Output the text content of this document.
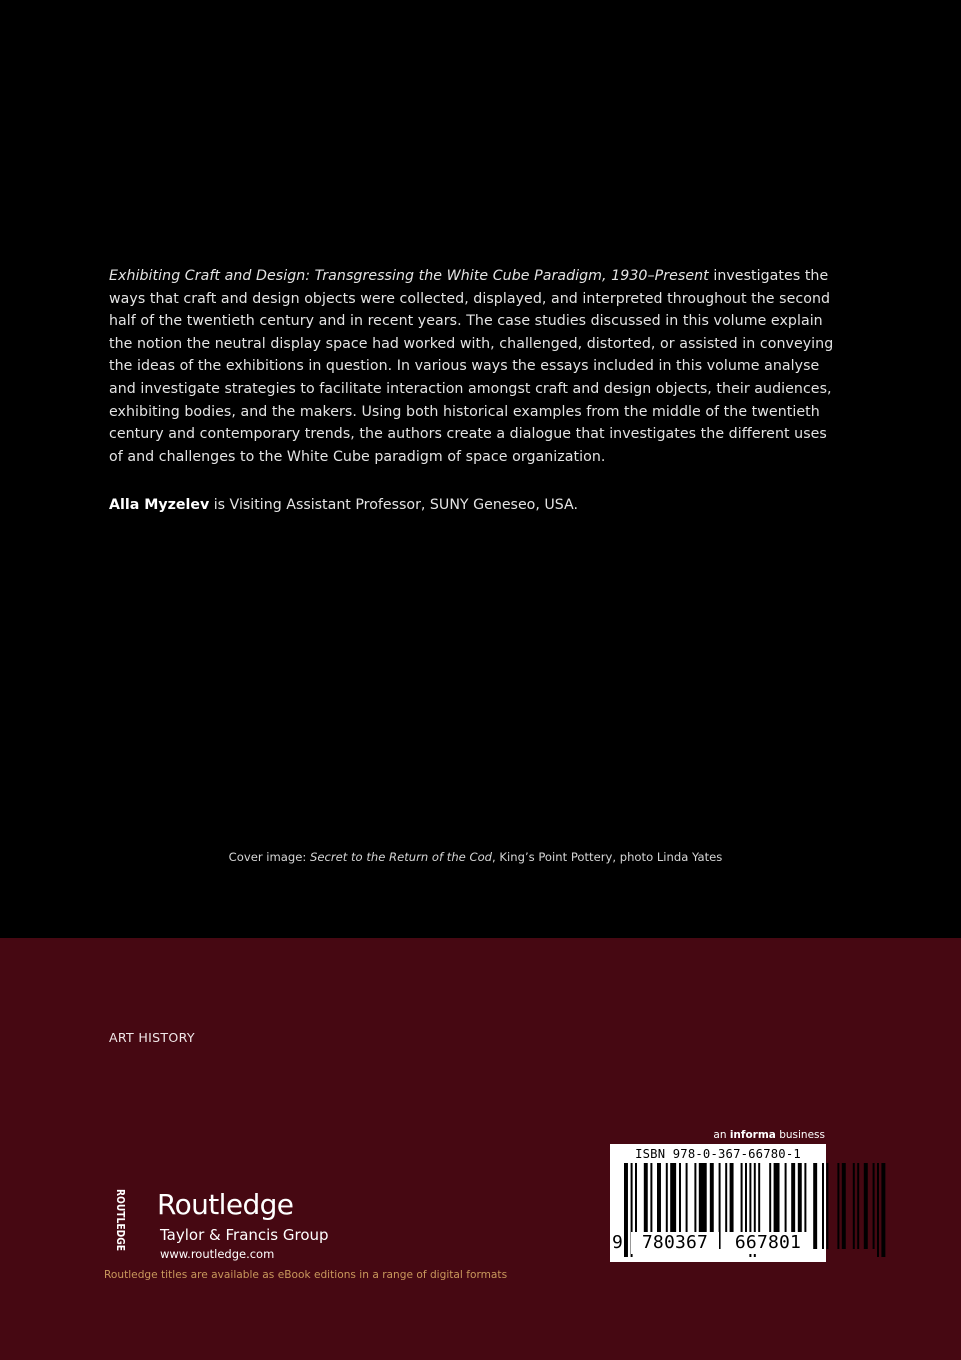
Exhibiting Craft and Design: Transgressing the White Cube Paradigm, 1930–Present investigates the ways that craft and design objects were collected, displayed, and interpreted throughout the second half of the twentieth century and in recent years. The case studies discussed in this volume explain the notion the neutral display space had worked with, challenged, distorted, or assisted in conveying the ideas of the exhibitions in question. In various ways the essays included in this volume analyse and investigate strategies to facilitate interaction amongst craft and design objects, their audiences, exhibiting bodies, and the makers. Using both historical examples from the middle of the twentieth century and contemporary trends, the authors create a dialogue that investigates the different uses of and challenges to the White Cube paradigm of space organization.

Alla Myzelev is Visiting Assistant Professor, SUNY Geneseo, USA.

Cover image: Secret to the Return of the Cod, King’s Point Pottery, photo Linda Yates
ART HISTORY
ROUTLEDGE Routledge
Taylor & Francis Group
www.routledge.com
Routledge titles are available as eBook editions in a range of digital formats
an informa business
ISBN 978-0-367-66780-1
9	780367	667801
